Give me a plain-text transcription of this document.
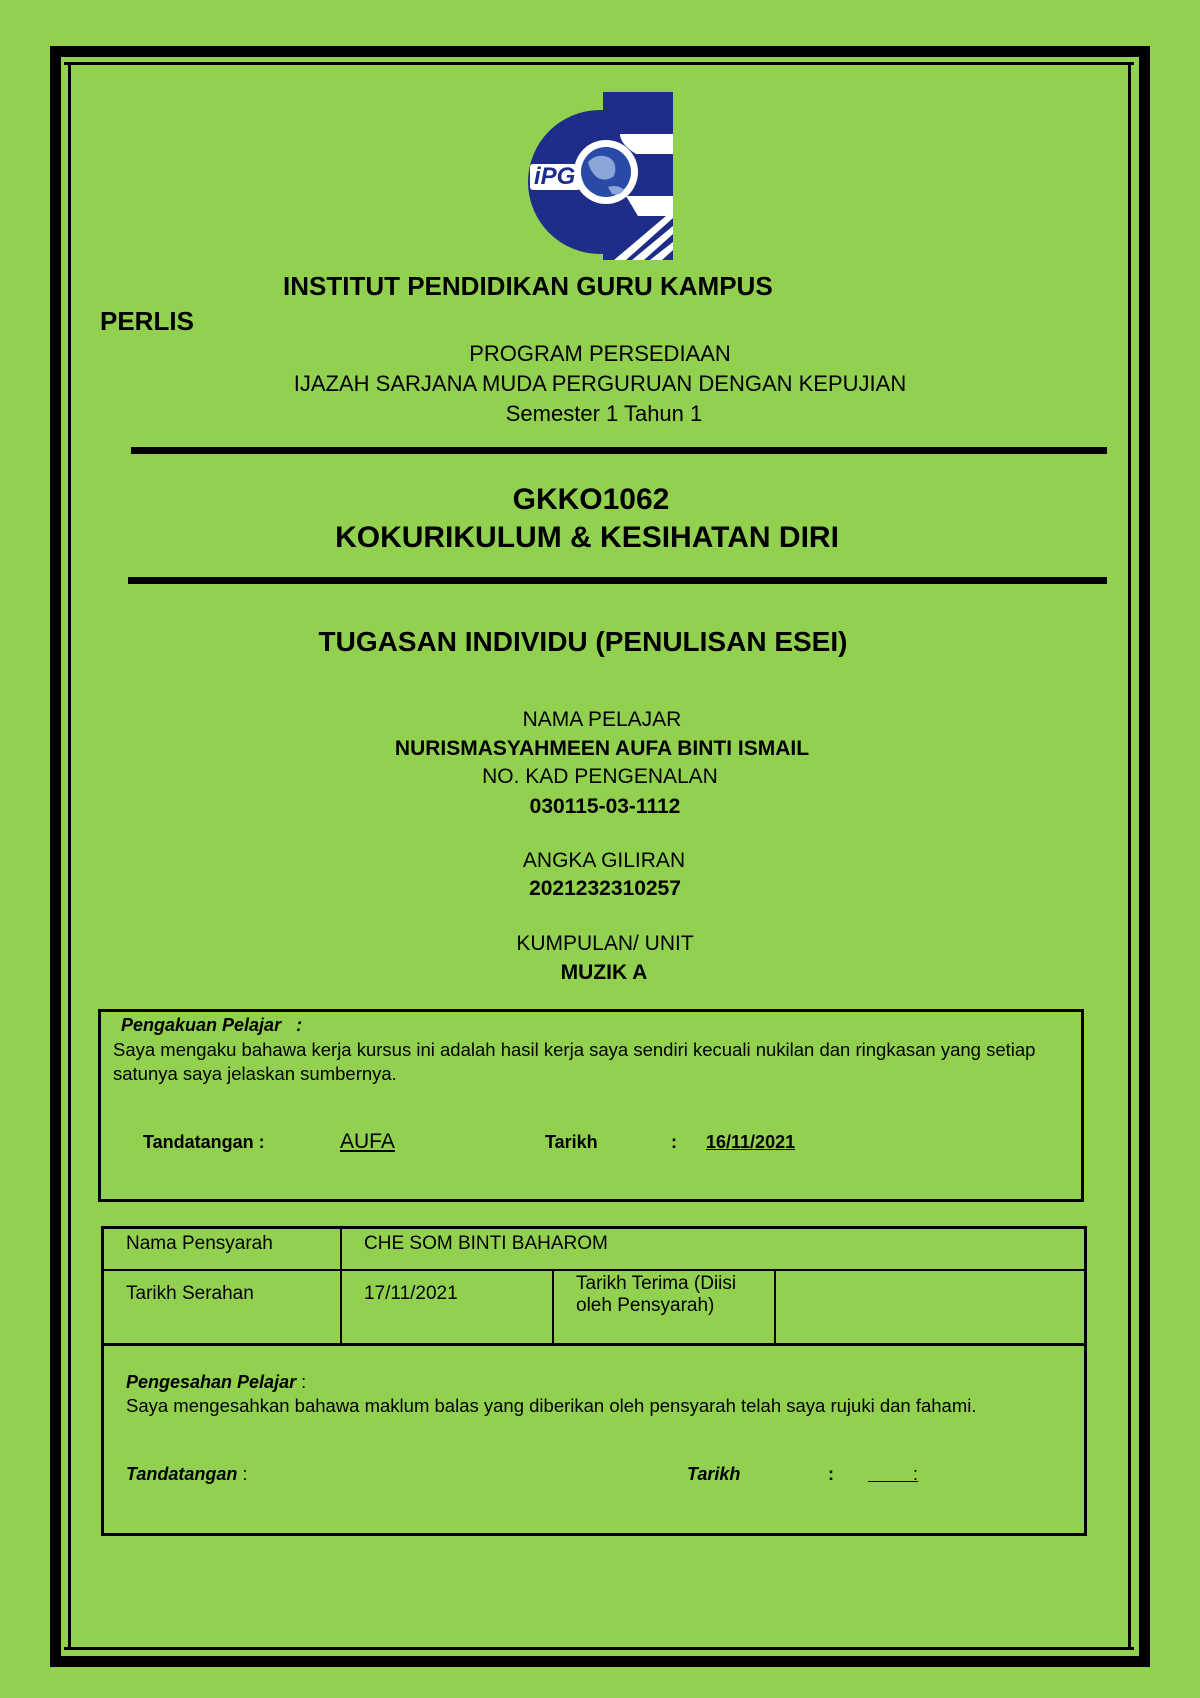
iPG
INSTITUT PENDIDIKAN GURU KAMPUS
PERLIS
PROGRAM PERSEDIAAN
IJAZAH SARJANA MUDA PERGURUAN DENGAN KEPUJIAN
Semester 1 Tahun 1
GKKO1062
KOKURIKULUM & KESIHATAN DIRI
TUGASAN INDIVIDU (PENULISAN ESEI)
NAMA PELAJAR
NURISMASYAHMEEN AUFA BINTI ISMAIL
NO. KAD PENGENALAN
030115-03-1112
ANGKA GILIRAN
2021232310257
KUMPULAN/ UNIT
MUZIK A
Pengakuan Pelajar   :
Saya mengaku bahawa kerja kursus ini adalah hasil kerja saya sendiri kecuali nukilan dan ringkasan yang setiap satunya saya jelaskan sumbernya.
Tandatangan :	AUFA	Tarikh	: 16/11/2021
Nama Pensyarah	CHE SOM BINTI BAHAROM		
Tarikh Serahan	17/11/2021	Tarikh Terima (Diisi oleh Pensyarah)	
Pengesahan Pelajar :
Saya mengesahkan bahawa maklum balas yang diberikan oleh pensyarah telah saya rujuki dan fahami.
Tandatangan :	Tarikh	: :
